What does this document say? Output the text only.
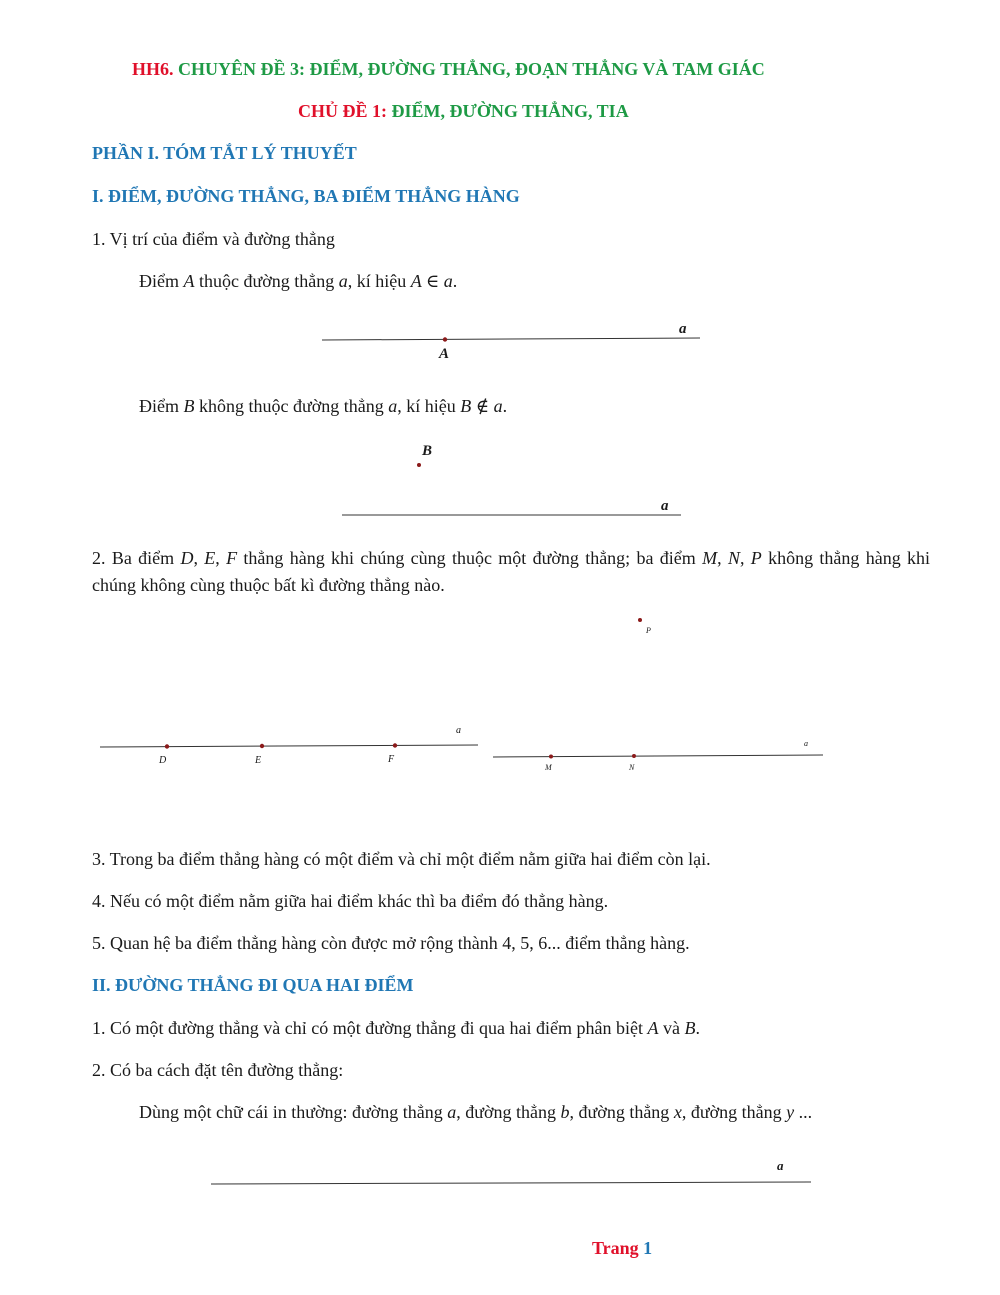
HH6. CHUYÊN ĐỀ 3: ĐIỂM, ĐƯỜNG THẲNG, ĐOẠN THẲNG VÀ TAM GIÁC
CHỦ ĐỀ 1: ĐIỂM, ĐƯỜNG THẲNG, TIA
PHẦN I. TÓM TẮT LÝ THUYẾT
I. ĐIỂM, ĐƯỜNG THẲNG, BA ĐIỂM THẲNG HÀNG
1. Vị trí của điểm và đường thẳng
Điểm A thuộc đường thẳng a, kí hiệu A ∈ a.
Điểm B không thuộc đường thẳng a, kí hiệu B ∉ a.
2. Ba điểm D, E, F thẳng hàng khi chúng cùng thuộc một đường thẳng; ba điểm M, N, P không thẳng hàng khi chúng không cùng thuộc bất kì đường thẳng nào.
3. Trong ba điểm thẳng hàng có một điểm và chỉ một điểm nằm giữa hai điểm còn lại.
4. Nếu có một điểm nằm giữa hai điểm khác thì ba điểm đó thẳng hàng.
5. Quan hệ ba điểm thẳng hàng còn được mở rộng thành 4, 5, 6... điểm thẳng hàng.
II. ĐƯỜNG THẲNG ĐI QUA HAI ĐIỂM
1. Có một đường thẳng và chỉ có một đường thẳng đi qua hai điểm phân biệt A và B.
2. Có ba cách đặt tên đường thẳng:
Dùng một chữ cái in thường: đường thẳng a, đường thẳng b, đường thẳng x, đường thẳng y ...
a
A
B
a
a
D	E	F
a
M	N
P
a
Trang 1
